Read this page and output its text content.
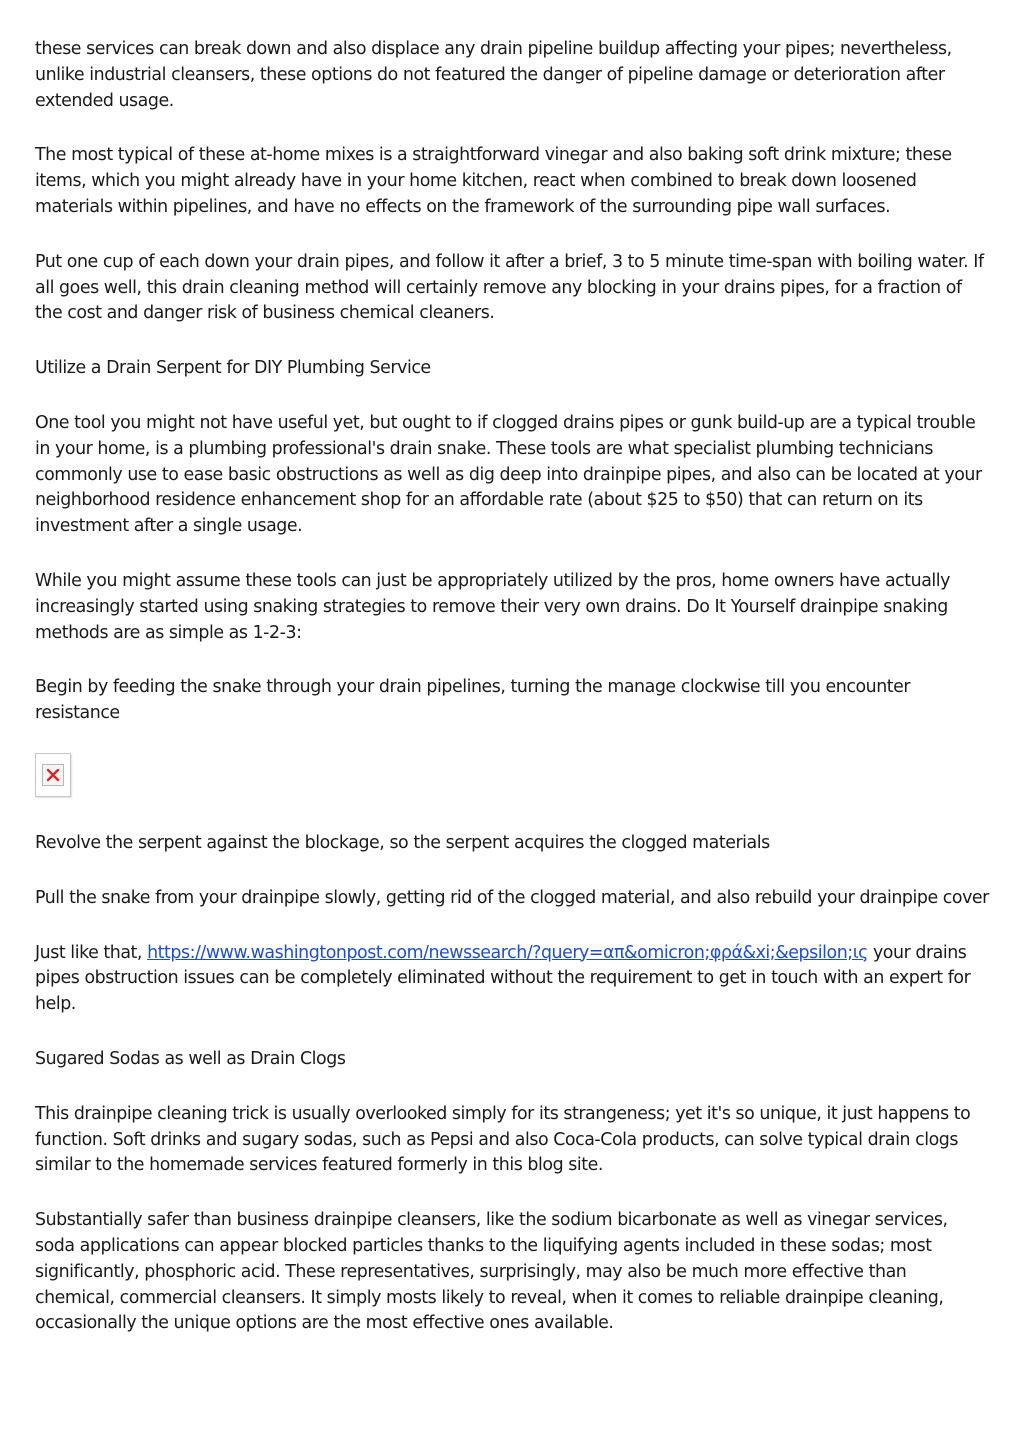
these services can break down and also displace any drain pipeline buildup affecting your pipes; nevertheless, unlike industrial cleansers, these options do not featured the danger of pipeline damage or deterioration after extended usage.

The most typical of these at-home mixes is a straightforward vinegar and also baking soft drink mixture; these items, which you might already have in your home kitchen, react when combined to break down loosened materials within pipelines, and have no effects on the framework of the surrounding pipe wall surfaces.

Put one cup of each down your drain pipes, and follow it after a brief, 3 to 5 minute time-span with boiling water. If all goes well, this drain cleaning method will certainly remove any blocking in your drains pipes, for a fraction of the cost and danger risk of business chemical cleaners.

Utilize a Drain Serpent for DIY Plumbing Service

One tool you might not have useful yet, but ought to if clogged drains pipes or gunk build-up are a typical trouble in your home, is a plumbing professional's drain snake. These tools are what specialist plumbing technicians commonly use to ease basic obstructions as well as dig deep into drainpipe pipes, and also can be located at your neighborhood residence enhancement shop for an affordable rate (about $25 to $50) that can return on its investment after a single usage.

While you might assume these tools can just be appropriately utilized by the pros, home owners have actually increasingly started using snaking strategies to remove their very own drains. Do It Yourself drainpipe snaking methods are as simple as 1-2-3:

Begin by feeding the snake through your drain pipelines, turning the manage clockwise till you encounter resistance

Revolve the serpent against the blockage, so the serpent acquires the clogged materials

Pull the snake from your drainpipe slowly, getting rid of the clogged material, and also rebuild your drainpipe cover

Just like that, https://www.washingtonpost.com/newssearch/?query=απ&omicron;φρά&xi;&epsilon;ις your drains pipes obstruction issues can be completely eliminated without the requirement to get in touch with an expert for help.

Sugared Sodas as well as Drain Clogs

This drainpipe cleaning trick is usually overlooked simply for its strangeness; yet it's so unique, it just happens to function. Soft drinks and sugary sodas, such as Pepsi and also Coca-Cola products, can solve typical drain clogs similar to the homemade services featured formerly in this blog site.

Substantially safer than business drainpipe cleansers, like the sodium bicarbonate as well as vinegar services, soda applications can appear blocked particles thanks to the liquifying agents included in these sodas; most significantly, phosphoric acid. These representatives, surprisingly, may also be much more effective than chemical, commercial cleansers. It simply mosts likely to reveal, when it comes to reliable drainpipe cleaning, occasionally the unique options are the most effective ones available.
